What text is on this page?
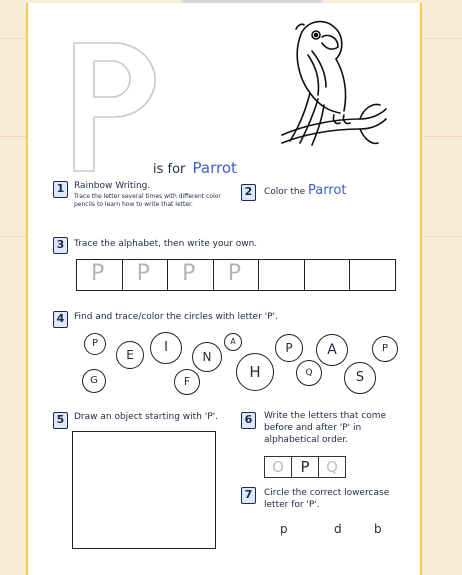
is for Parrot
1	Rainbow Writing.
Trace the letter several times with different color pencils to learn how to write that letter.
2	Color the Parrot
3	Trace the alphabet, then write your own.
P P P P
4	Find and trace/color the circles with letter 'P'.
P
E	I
N
A
H
P	A	P
G	F
Q	S
5	Draw an object starting with 'P'.	6	Write the letters that come before and after 'P' in alphabetical order.
O	P	Q
7	Circle the correct lowercase letter for 'P'.
p	d	b
